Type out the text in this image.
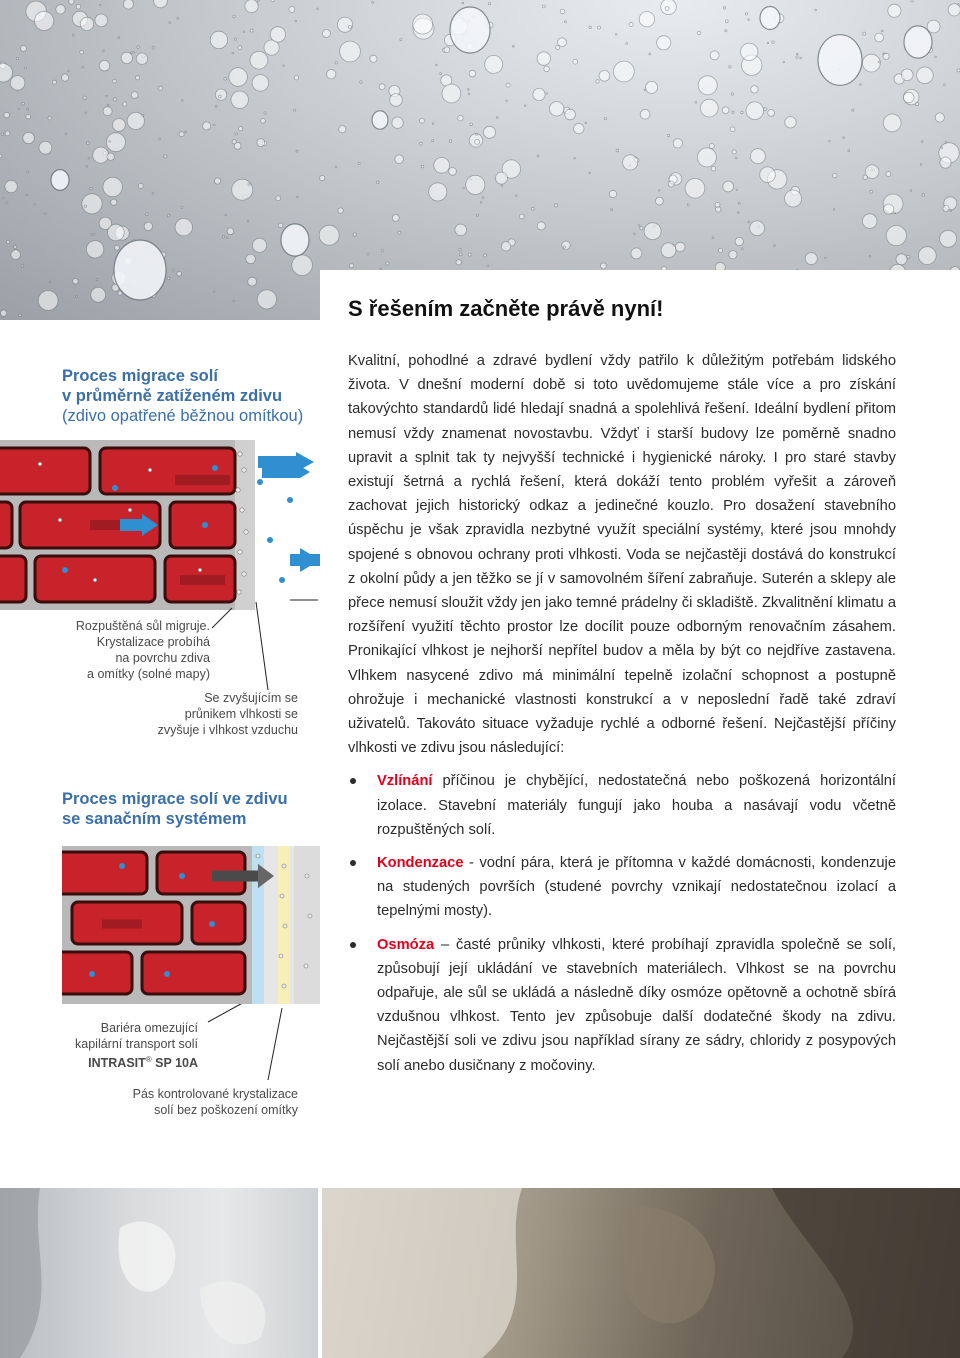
S řešením začněte právě nyní!
Proces migrace solí
v průměrně zatíženém zdivu
(zdivo opatřené běžnou omítkou)
Rozpuštěná sůl migruje.
Krystalizace probíhá
na povrchu zdiva
a omítky (solné mapy)
Se zvyšujícím se
průnikem vlhkosti se
zvyšuje i vlhkost vzduchu
Proces migrace solí ve zdivu
se sanačním systémem
Bariéra omezující
kapilární transport solí
INTRASIT® SP 10A
Pás kontrolované krystalizace
solí bez poškození omítky

Kvalitní, pohodlné a zdravé bydlení vždy patřilo k důležitým potřebám lidského života. V dnešní moderní době si toto uvědomujeme stále více a pro získání takovýchto standardů lidé hledají snadná a spolehlivá řešení. Ideální bydlení přitom nemusí vždy znamenat novostavbu. Vždyť i starší budovy lze poměrně snadno upravit a splnit tak ty nejvyšší technické i hygienické nároky. I pro staré stavby existují šetrná a rychlá řešení, která dokáží tento problém vyřešit a zároveň zachovat jejich historický odkaz a jedinečné kouzlo. Pro dosažení stavebního úspěchu je však zpravidla nezbytné využít speciální systémy, které jsou mnohdy spojené s obnovou ochrany proti vlhkosti. Voda se nejčastěji dostává do konstrukcí z okolní půdy a jen těžko se jí v samovolném šíření zabraňuje. Suterén a sklepy ale přece nemusí sloužit vždy jen jako temné prádelny či skladiště. Zkvalitnění klimatu a rozšíření využití těchto prostor lze docílit pouze odborným renovačním zásahem. Pronikající vlhkost je nejhorší nepřítel budov a měla by být co nejdříve zastavena. Vlhkem nasycené zdivo má minimální tepelně izolační schopnost a postupně ohrožuje i mechanické vlastnosti konstrukcí a v neposlední řadě také zdraví uživatelů. Takováto situace vyžaduje rychlé a odborné řešení. Nejčastější příčiny vlhkosti ve zdivu jsou následující:

Vzlínání příčinou je chybějící, nedostatečná nebo poškozená horizontální izolace. Stavební materiály fungují jako houba a nasávají vodu včetně rozpuštěných solí.
Kondenzace - vodní pára, která je přítomna v každé domácnosti, kondenzuje na studených površích (studené povrchy vznikají nedostatečnou izolací a tepelnými mosty).
Osmóza – časté průniky vlhkosti, které probíhají zpravidla společně se solí, způsobují její ukládání ve stavebních materiálech. Vlhkost se na povrchu odpařuje, ale sůl se ukládá a následně díky osmóze opětovně a ochotně sbírá vzdušnou vlhkost. Tento jev způsobuje další dodatečné škody na zdivu. Nejčastější soli ve zdivu jsou například sírany ze sádry, chloridy z posypových solí anebo dusičnany z močoviny.
